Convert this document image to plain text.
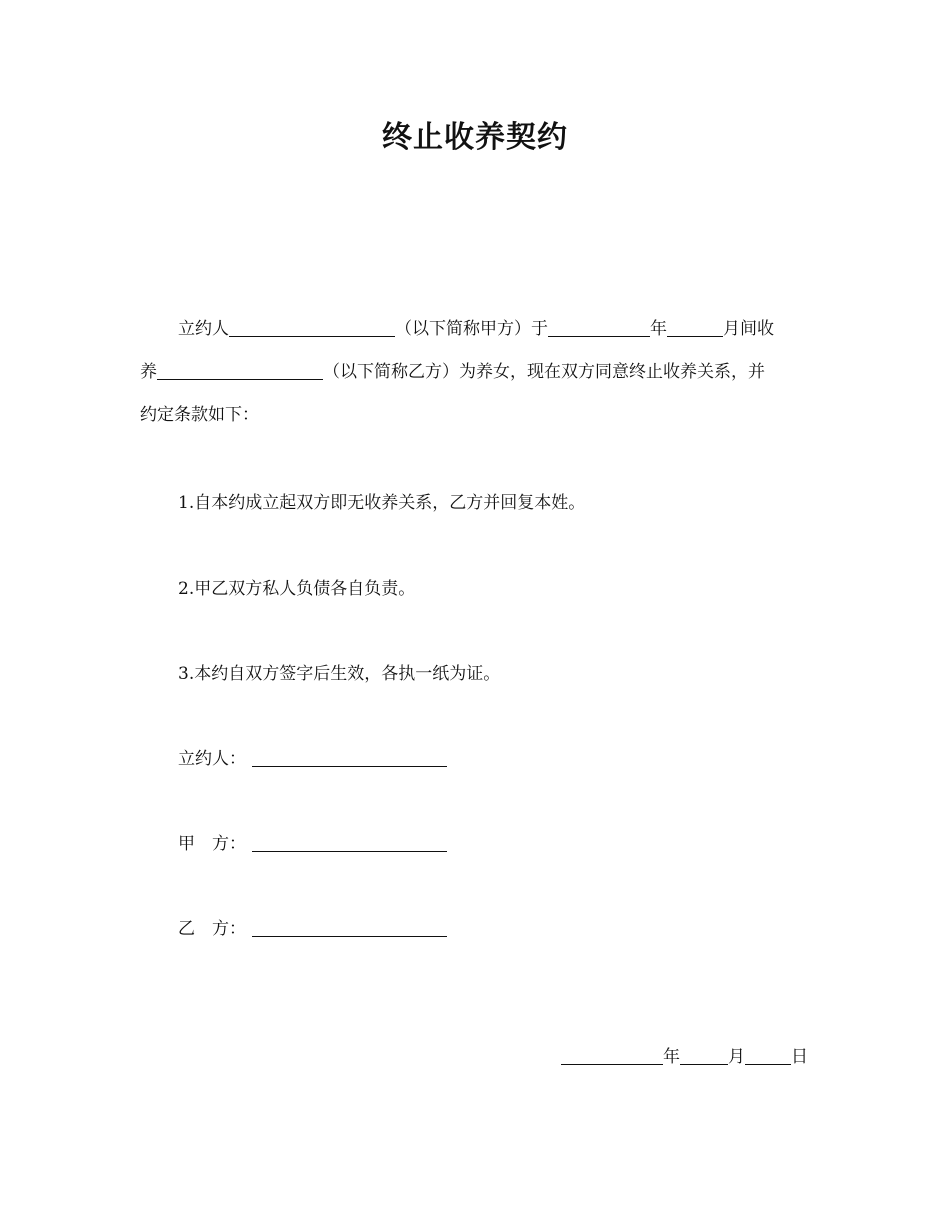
终止收养契约
立约人	（以下简称甲方）于	年	月间收
养	（以下简称乙方）为养女，现在双方同意终止收养关系，并
约定条款如下：
1.自本约成立起双方即无收养关系，乙方并回复本姓。
2.甲乙双方私人负债各自负责。
3.本约自双方签字后生效，各执一纸为证。
立约人：
甲　方：
乙　方：
年	月	日
